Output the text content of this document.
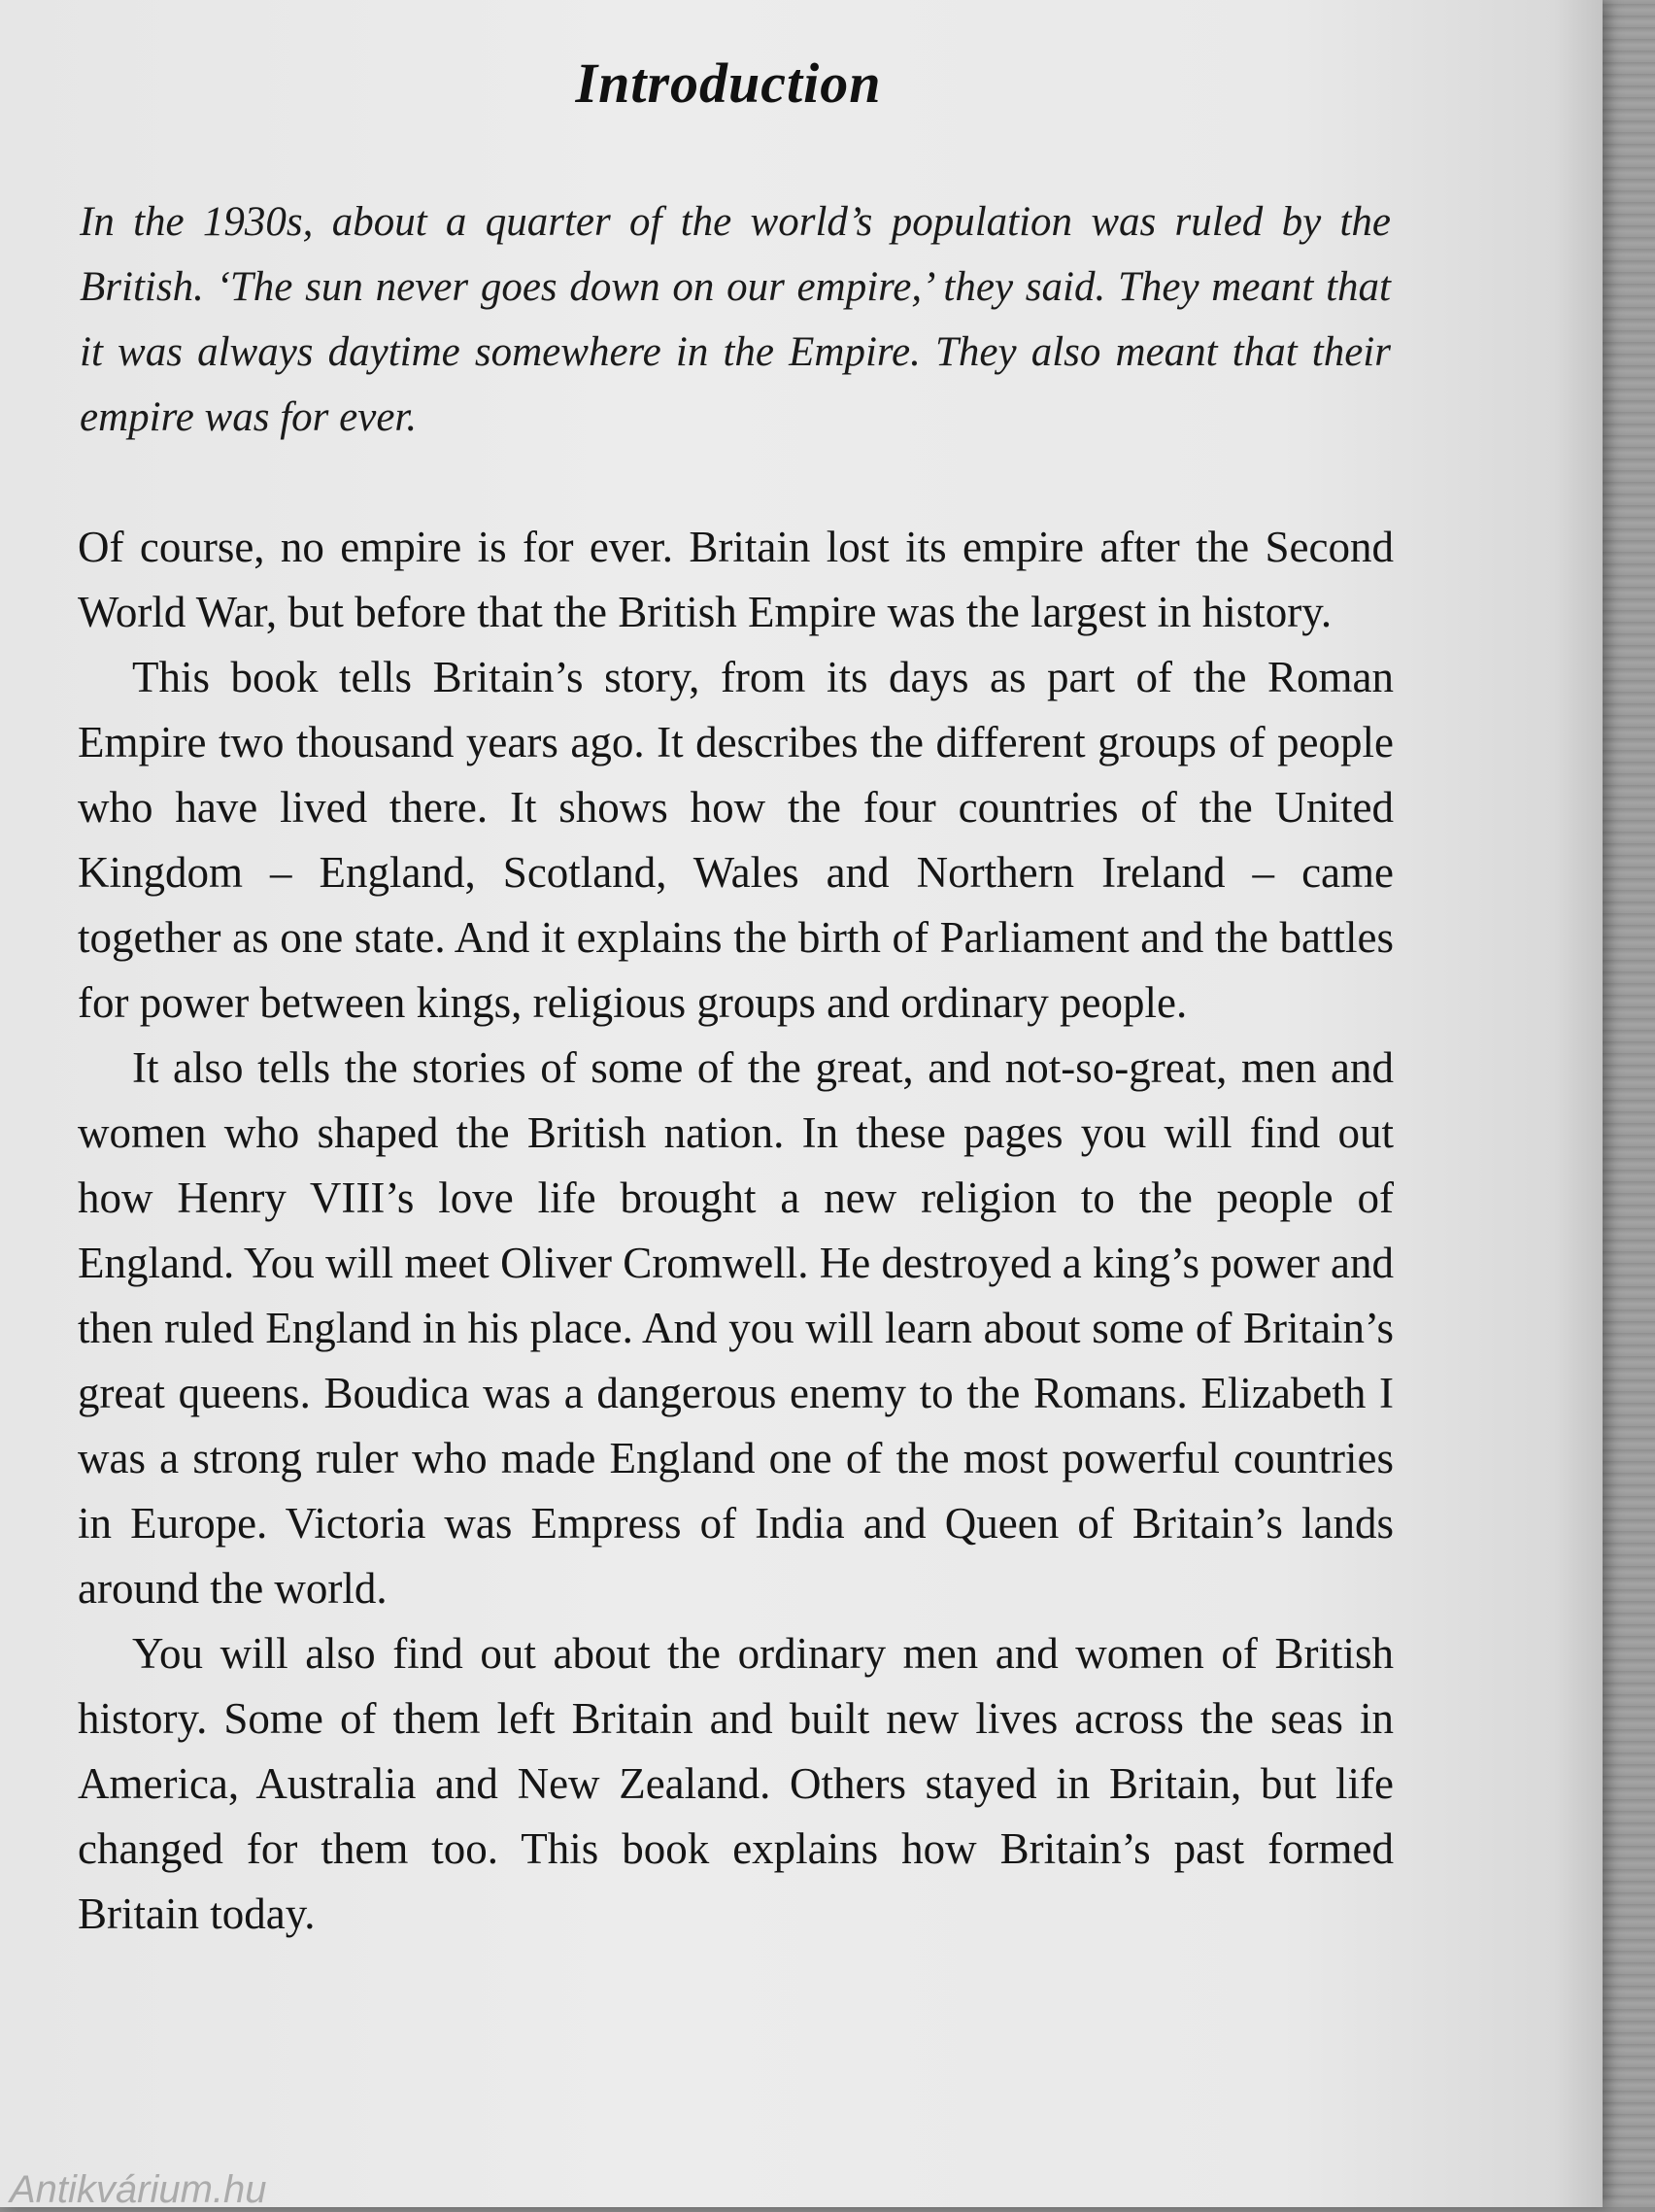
Introduction

In the 1930s, about a quarter of the world’s population was ruled by the British. ‘The sun never goes down on our empire,’ they said. They meant that it was always daytime somewhere in the Empire. They also meant that their empire was for ever.

Of course, no empire is for ever. Britain lost its empire after the Second World War, but before that the British Empire was the largest in history.

This book tells Britain’s story, from its days as part of the Roman Empire two thousand years ago. It describes the different groups of people who have lived there. It shows how the four countries of the United Kingdom – England, Scotland, Wales and Northern Ireland – came together as one state. And it explains the birth of Parliament and the battles for power between kings, religious groups and ordinary people.

It also tells the stories of some of the great, and not-so-great, men and women who shaped the British nation. In these pages you will find out how Henry VIII’s love life brought a new religion to the people of England. You will meet Oliver Cromwell. He destroyed a king’s power and then ruled England in his place. And you will learn about some of Britain’s great queens. Boudica was a dangerous enemy to the Romans. Elizabeth I was a strong ruler who made England one of the most powerful countries in Europe. Victoria was Empress of India and Queen of Britain’s lands around the world.

You will also find out about the ordinary men and women of British history. Some of them left Britain and built new lives across the seas in America, Australia and New Zealand. Others stayed in Britain, but life changed for them too. This book explains how Britain’s past formed Britain today.

Antikvárium.hu
